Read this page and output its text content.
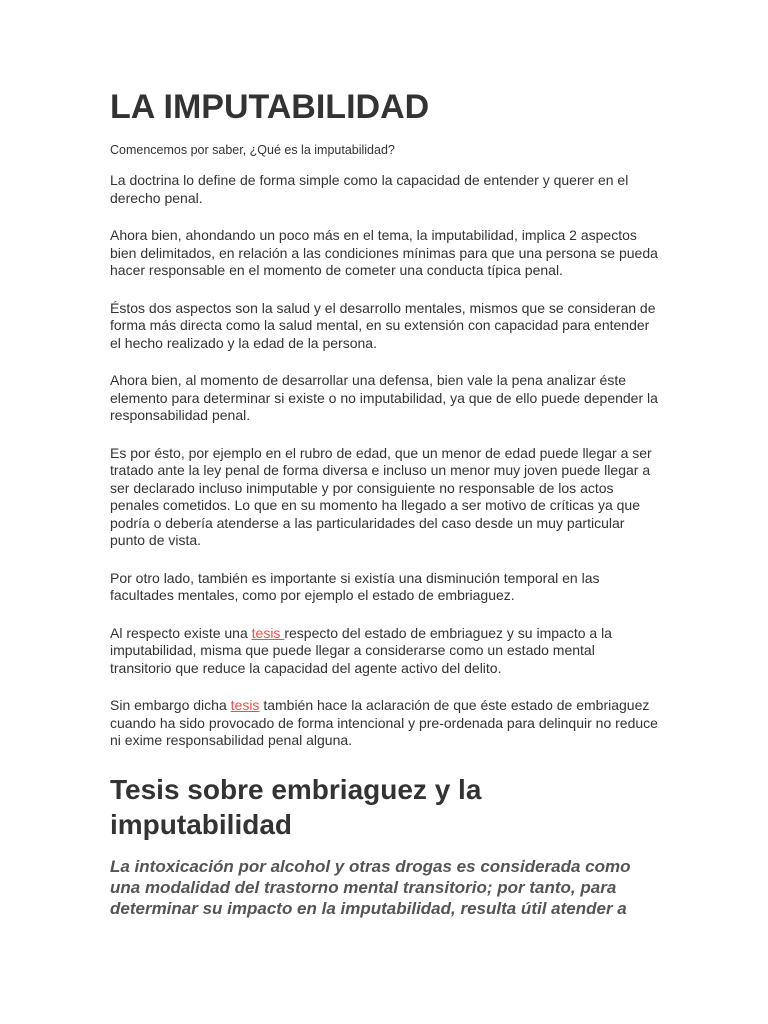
LA IMPUTABILIDAD

Comencemos por saber, ¿Qué es la imputabilidad?

La doctrina lo define de forma simple como la capacidad de entender y querer en el derecho penal.

Ahora bien, ahondando un poco más en el tema, la imputabilidad, implica 2 aspectos bien delimitados, en relación a las condiciones mínimas para que una persona se pueda hacer responsable en el momento de cometer una conducta típica penal.

Éstos dos aspectos son la salud y el desarrollo mentales, mismos que se consideran de forma más directa como la salud mental, en su extensión con capacidad para entender el hecho realizado y la edad de la persona.

Ahora bien, al momento de desarrollar una defensa, bien vale la pena analizar éste elemento para determinar si existe o no imputabilidad, ya que de ello puede depender la responsabilidad penal.

Es por ésto, por ejemplo en el rubro de edad, que un menor de edad puede llegar a ser tratado ante la ley penal de forma diversa e incluso un menor muy joven puede llegar a ser declarado incluso inimputable y por consiguiente no responsable de los actos penales cometidos. Lo que en su momento ha llegado a ser motivo de críticas ya que podría o debería atenderse a las particularidades del caso desde un muy particular punto de vista.

Por otro lado, también es importante si existía una disminución temporal en las facultades mentales, como por ejemplo el estado de embriaguez.

Al respecto existe una tesis respecto del estado de embriaguez y su impacto a la imputabilidad, misma que puede llegar a considerarse como un estado mental transitorio que reduce la capacidad del agente activo del delito.

Sin embargo dicha tesis también hace la aclaración de que éste estado de embriaguez cuando ha sido provocado de forma intencional y pre-ordenada para delinquir no reduce ni exime responsabilidad penal alguna.

Tesis sobre embriaguez y la imputabilidad

La intoxicación por alcohol y otras drogas es considerada como una modalidad del trastorno mental transitorio; por tanto, para determinar su impacto en la imputabilidad, resulta útil atender a
